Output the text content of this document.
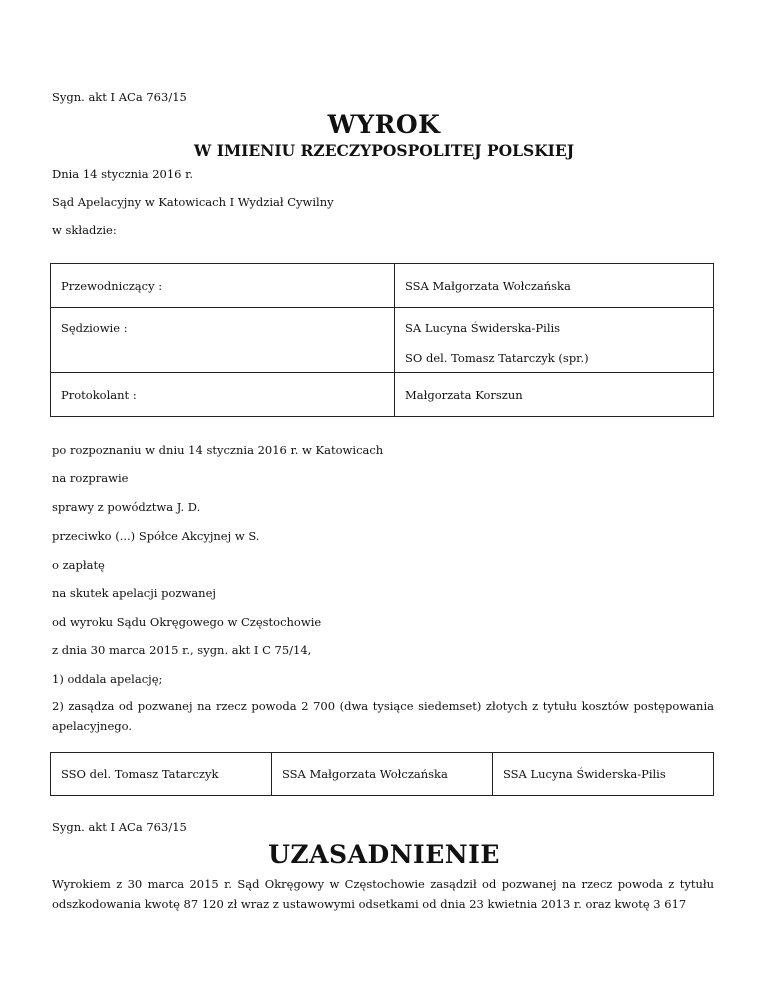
Sygn. akt I ACa 763/15

WYROK
W IMIENIU RZECZYPOSPOLITEJ POLSKIEJ

Dnia 14 stycznia 2016 r.

Sąd Apelacyjny w Katowicach I Wydział Cywilny

w składzie:

Przewodniczący :	SSA Małgorzata Wołczańska

Sędziowie :	SA Lucyna Świderska-Pilis
SO del. Tomasz Tatarczyk (spr.)

Protokolant :	Małgorzata Korszun

po rozpoznaniu w dniu 14 stycznia 2016 r. w Katowicach

na rozprawie

sprawy z powództwa J. D.

przeciwko (...) Spółce Akcyjnej w S.

o zapłatę

na skutek apelacji pozwanej

od wyroku Sądu Okręgowego w Częstochowie

z dnia 30 marca 2015 r., sygn. akt I C 75/14,

1) oddala apelację;

2) zasądza od pozwanej na rzecz powoda 2 700 (dwa tysiące siedemset) złotych z tytułu kosztów postępowania apelacyjnego.

SSO del. Tomasz Tatarczyk	SSA Małgorzata Wołczańska	SSA Lucyna Świderska-Pilis

Sygn. akt I ACa 763/15

UZASADNIENIE

Wyrokiem z 30 marca 2015 r. Sąd Okręgowy w Częstochowie zasądził od pozwanej na rzecz powoda z tytułu odszkodowania kwotę 87 120 zł wraz z ustawowymi odsetkami od dnia 23 kwietnia 2013 r. oraz kwotę 3 617
